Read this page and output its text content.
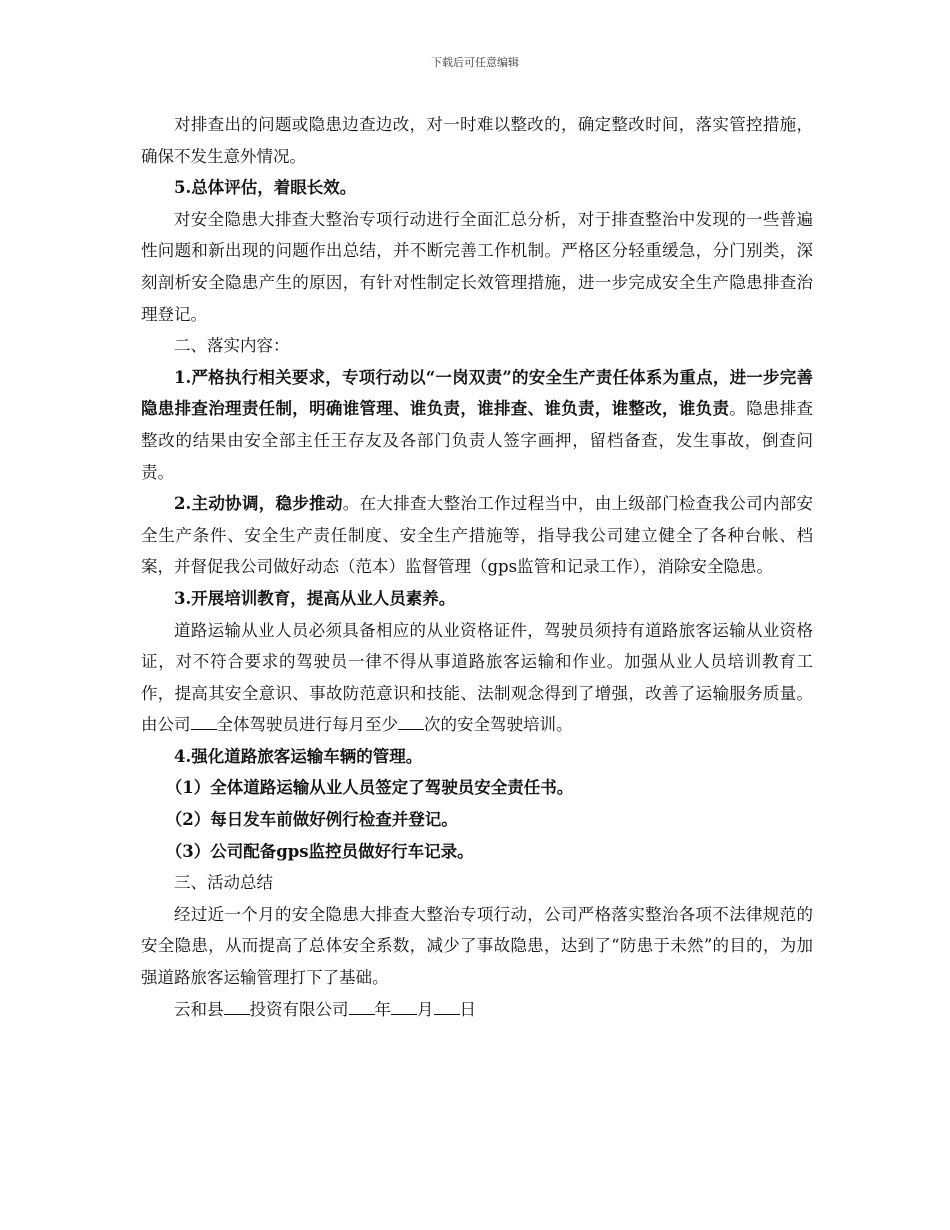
下载后可任意编辑

对排查出的问题或隐患边查边改，对一时难以整改的，确定整改时间，落实管控措施，确保不发生意外情况。

5.总体评估，着眼长效。

对安全隐患大排查大整治专项行动进行全面汇总分析，对于排查整治中发现的一些普遍性问题和新出现的问题作出总结，并不断完善工作机制。严格区分轻重缓急，分门别类，深刻剖析安全隐患产生的原因，有针对性制定长效管理措施，进一步完成安全生产隐患排查治理登记。

二、落实内容：

1.严格执行相关要求，专项行动以“一岗双责”的安全生产责任体系为重点，进一步完善隐患排查治理责任制，明确谁管理、谁负责，谁排查、谁负责，谁整改，谁负责。隐患排查整改的结果由安全部主任王存友及各部门负责人签字画押，留档备查，发生事故，倒查问责。

2.主动协调，稳步推动。在大排查大整治工作过程当中，由上级部门检查我公司内部安全生产条件、安全生产责任制度、安全生产措施等，指导我公司建立健全了各种台帐、档案，并督促我公司做好动态（范本）监督管理（gps监管和记录工作），消除安全隐患。

3.开展培训教育，提高从业人员素养。

道路运输从业人员必须具备相应的从业资格证件，驾驶员须持有道路旅客运输从业资格证，对不符合要求的驾驶员一律不得从事道路旅客运输和作业。加强从业人员培训教育工作，提高其安全意识、事故防范意识和技能、法制观念得到了增强，改善了运输服务质量。由公司 全体驾驶员进行每月至少 次的安全驾驶培训。

4.强化道路旅客运输车辆的管理。

（1）全体道路运输从业人员签定了驾驶员安全责任书。

（2）每日发车前做好例行检查并登记。

（3）公司配备gps监控员做好行车记录。

三、活动总结

经过近一个月的安全隐患大排查大整治专项行动，公司严格落实整治各项不法律规范的安全隐患，从而提高了总体安全系数，减少了事故隐患，达到了“防患于未然”的目的，为加强道路旅客运输管理打下了基础。

云和县 投资有限公司 年 月 日
